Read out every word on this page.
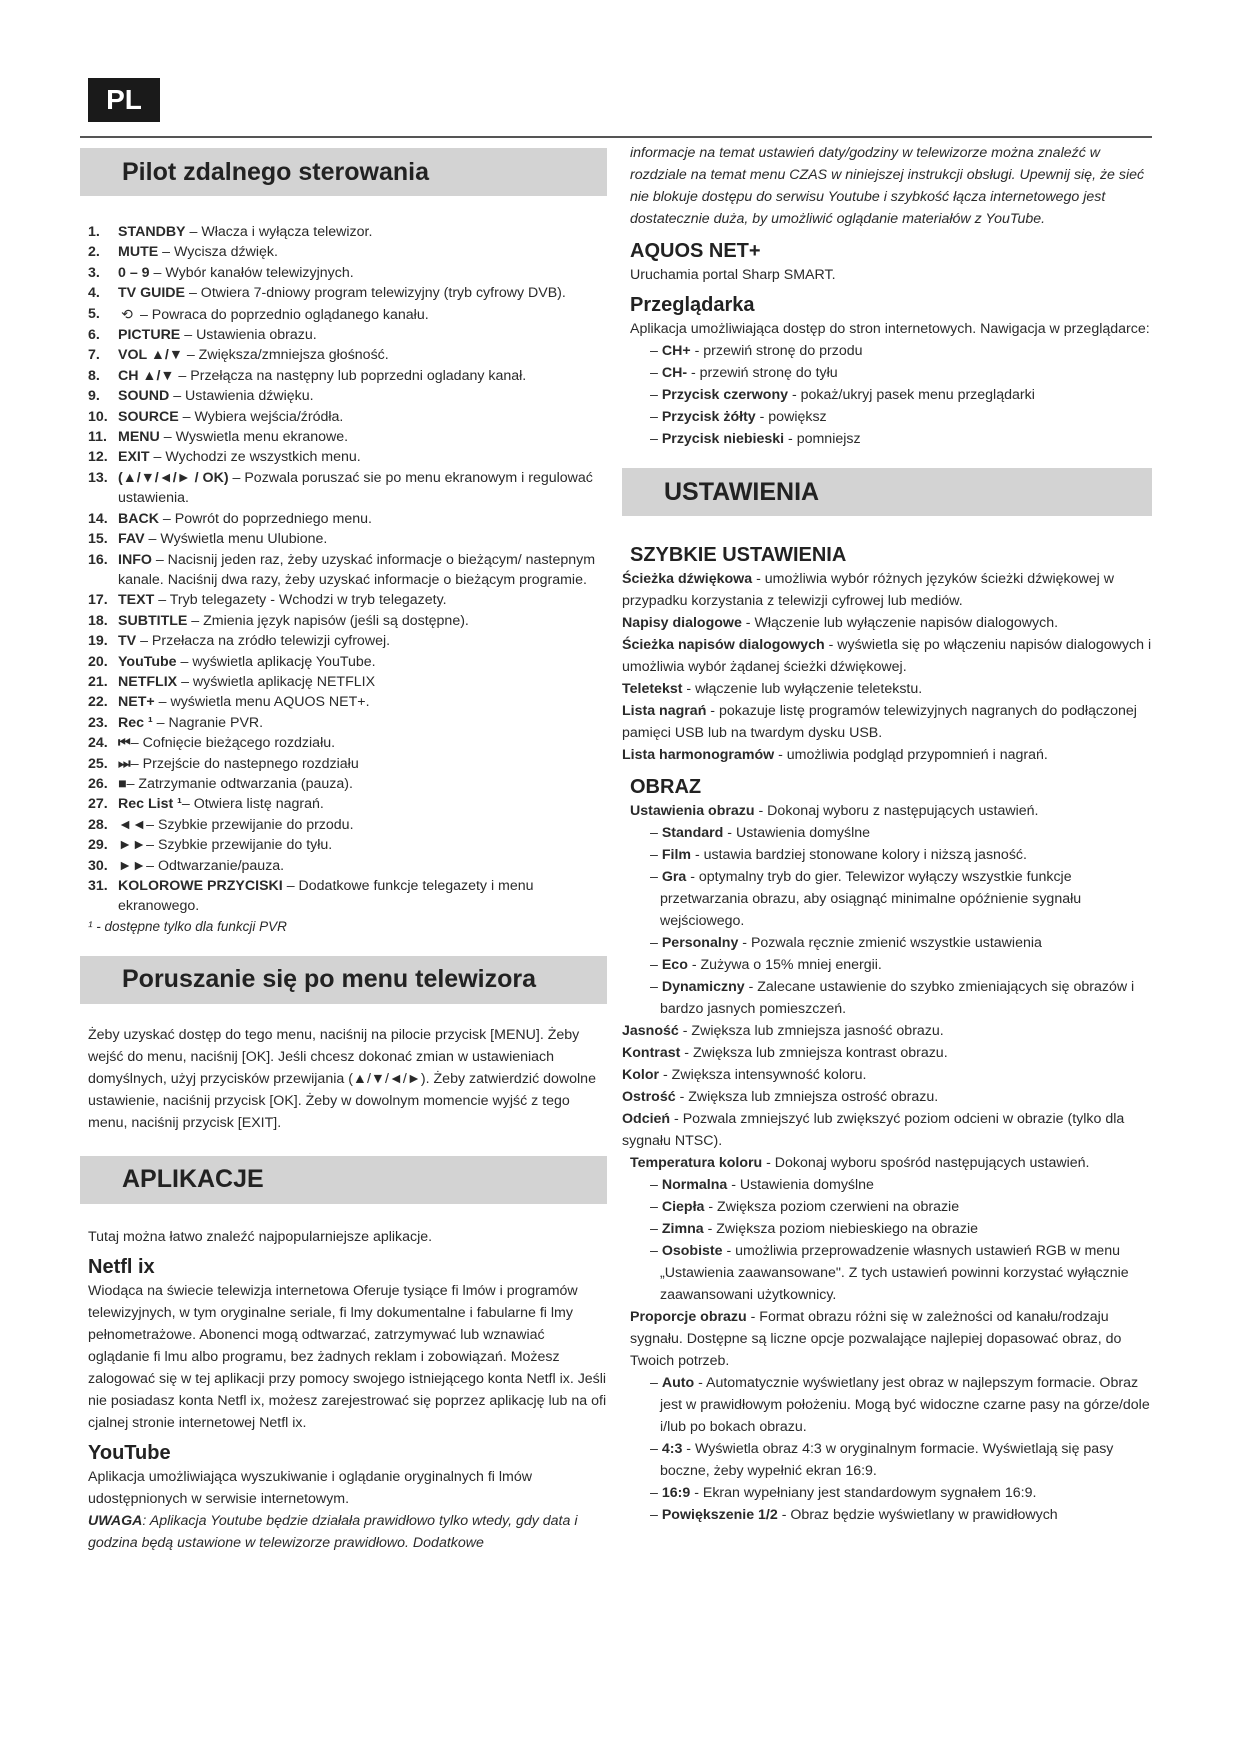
PL
Pilot zdalnego sterowania
1.	STANDBY – Włacza i wyłącza telewizor.
2.	MUTE – Wycisza dźwięk.
3.	0 – 9 – Wybór kanałów telewizyjnych.
4.	TV GUIDE – Otwiera 7-dniowy program telewizyjny (tryb cyfrowy DVB).
5.	⟲ – Powraca do poprzednio oglądanego kanału.
6.	PICTURE – Ustawienia obrazu.
7.	VOL ▲/▼ – Zwiększa/zmniejsza głośność.
8.	CH ▲/▼ – Przełącza na następny lub poprzedni ogladany kanał.
9.	SOUND – Ustawienia dźwięku.
10. SOURCE – Wybiera wejścia/źródła.
11. MENU – Wyswietla menu ekranowe.
12. EXIT – Wychodzi ze wszystkich menu.
13. (▲/▼/◄/► / OK) – Pozwala poruszać sie po menu ekranowym i regulować ustawienia.
14. BACK – Powrót do poprzedniego menu.
15. FAV – Wyświetla menu Ulubione.
16. INFO – Nacisnij jeden raz, żeby uzyskać informacje o bieżącym/ nastepnym kanale. Naciśnij dwa razy, żeby uzyskać informacje o bieżącym programie.
17. TEXT – Tryb telegazety - Wchodzi w tryb telegazety.
18. SUBTITLE – Zmienia język napisów (jeśli są dostępne).
19. TV – Przełacza na zródło telewizji cyfrowej.
20. YouTube – wyświetla aplikację YouTube.
21. NETFLIX – wyświetla aplikację NETFLIX
22. NET+ – wyświetla menu AQUOS NET+.
23. Rec ¹ – Nagranie PVR.
24. ⏮– Cofnięcie bieżącego rozdziału.
25. ⏭– Przejście do nastepnego rozdziału
26. ■– Zatrzymanie odtwarzania (pauza).
27. Rec List ¹– Otwiera listę nagrań.
28. ◄◄– Szybkie przewijanie do przodu.
29. ►►– Szybkie przewijanie do tyłu.
30. ►►– Odtwarzanie/pauza.
31. KOLOROWE PRZYCISKI – Dodatkowe funkcje telegazety i menu ekranowego.
¹ - dostępne tylko dla funkcji PVR
Poruszanie się po menu telewizora

Żeby uzyskać dostęp do tego menu, naciśnij na pilocie przycisk [MENU]. Żeby wejść do menu, naciśnij [OK]. Jeśli chcesz dokonać zmian w ustawieniach domyślnych, użyj przycisków przewijania (▲/▼/◄/►). Żeby zatwierdzić dowolne ustawienie, naciśnij przycisk [OK]. Żeby w dowolnym momencie wyjść z tego menu, naciśnij przycisk [EXIT].

APLIKACJE

Tutaj można łatwo znaleźć najpopularniejsze aplikacje.

Netfl ix

Wiodąca na świecie telewizja internetowa Oferuje tysiące fi lmów i programów telewizyjnych, w tym oryginalne seriale, fi lmy dokumentalne i fabularne fi lmy pełnometrażowe. Abonenci mogą odtwarzać, zatrzymywać lub wznawiać oglądanie fi lmu albo programu, bez żadnych reklam i zobowiązań. Możesz zalogować się w tej aplikacji przy pomocy swojego istniejącego konta Netfl ix. Jeśli nie posiadasz konta Netfl ix, możesz zarejestrować się poprzez aplikację lub na ofi cjalnej stronie internetowej Netfl ix.

YouTube

Aplikacja umożliwiająca wyszukiwanie i oglądanie oryginalnych fi lmów udostępnionych w serwisie internetowym.

UWAGA: Aplikacja Youtube będzie działała prawidłowo tylko wtedy, gdy data i godzina będą ustawione w telewizorze prawidłowo. Dodatkowe

informacje na temat ustawień daty/godziny w telewizorze można znaleźć w rozdziale na temat menu CZAS w niniejszej instrukcji obsługi. Upewnij się, że sieć nie blokuje dostępu do serwisu Youtube i szybkość łącza internetowego jest dostatecznie duża, by umożliwić oglądanie materiałów z YouTube.

AQUOS NET+

Uruchamia portal Sharp SMART.

Przeglądarka

Aplikacja umożliwiająca dostęp do stron internetowych. Nawigacja w przeglądarce:

– CH+ - przewiń stronę do przodu
– CH- - przewiń stronę do tyłu
– Przycisk czerwony - pokaż/ukryj pasek menu przeglądarki
– Przycisk żółty - powiększ
– Przycisk niebieski - pomniejsz
USTAWIENIA
SZYBKIE USTAWIENIA

Ścieżka dźwiękowa - umożliwia wybór różnych języków ścieżki dźwiękowej w przypadku korzystania z telewizji cyfrowej lub mediów.

Napisy dialogowe - Włączenie lub wyłączenie napisów dialogowych.

Ścieżka napisów dialogowych - wyświetla się po włączeniu napisów dialogowych i umożliwia wybór żądanej ścieżki dźwiękowej.

Teletekst - włączenie lub wyłączenie teletekstu.

Lista nagrań - pokazuje listę programów telewizyjnych nagranych do podłączonej pamięci USB lub na twardym dysku USB.

Lista harmonogramów - umożliwia podgląd przypomnień i nagrań.

OBRAZ

Ustawienia obrazu - Dokonaj wyboru z następujących ustawień.

– Standard - Ustawienia domyślne
– Film - ustawia bardziej stonowane kolory i niższą jasność.
– Gra - optymalny tryb do gier. Telewizor wyłączy wszystkie funkcje przetwarzania obrazu, aby osiągnąć minimalne opóźnienie sygnału wejściowego.
– Personalny - Pozwala ręcznie zmienić wszystkie ustawienia
– Eco - Zużywa o 15% mniej energii.
– Dynamiczny - Zalecane ustawienie do szybko zmieniających się obrazów i bardzo jasnych pomieszczeń.

Jasność - Zwiększa lub zmniejsza jasność obrazu.

Kontrast - Zwiększa lub zmniejsza kontrast obrazu.

Kolor - Zwiększa intensywność koloru.

Ostrość - Zwiększa lub zmniejsza ostrość obrazu.

Odcień - Pozwala zmniejszyć lub zwiększyć poziom odcieni w obrazie (tylko dla sygnału NTSC).

Temperatura koloru - Dokonaj wyboru spośród następujących ustawień.

– Normalna - Ustawienia domyślne
– Ciepła - Zwiększa poziom czerwieni na obrazie
– Zimna - Zwiększa poziom niebieskiego na obrazie
– Osobiste - umożliwia przeprowadzenie własnych ustawień RGB w menu „Ustawienia zaawansowane". Z tych ustawień powinni korzystać wyłącznie zaawansowani użytkownicy.

Proporcje obrazu - Format obrazu różni się w zależności od kanału/rodzaju sygnału. Dostępne są liczne opcje pozwalające najlepiej dopasować obraz, do Twoich potrzeb.

– Auto - Automatycznie wyświetlany jest obraz w najlepszym formacie. Obraz jest w prawidłowym położeniu. Mogą być widoczne czarne pasy na górze/dole i/lub po bokach obrazu.
– 4:3 - Wyświetla obraz 4:3 w oryginalnym formacie. Wyświetlają się pasy boczne, żeby wypełnić ekran 16:9.
– 16:9 - Ekran wypełniany jest standardowym sygnałem 16:9.
– Powiększenie 1/2 - Obraz będzie wyświetlany w prawidłowych
